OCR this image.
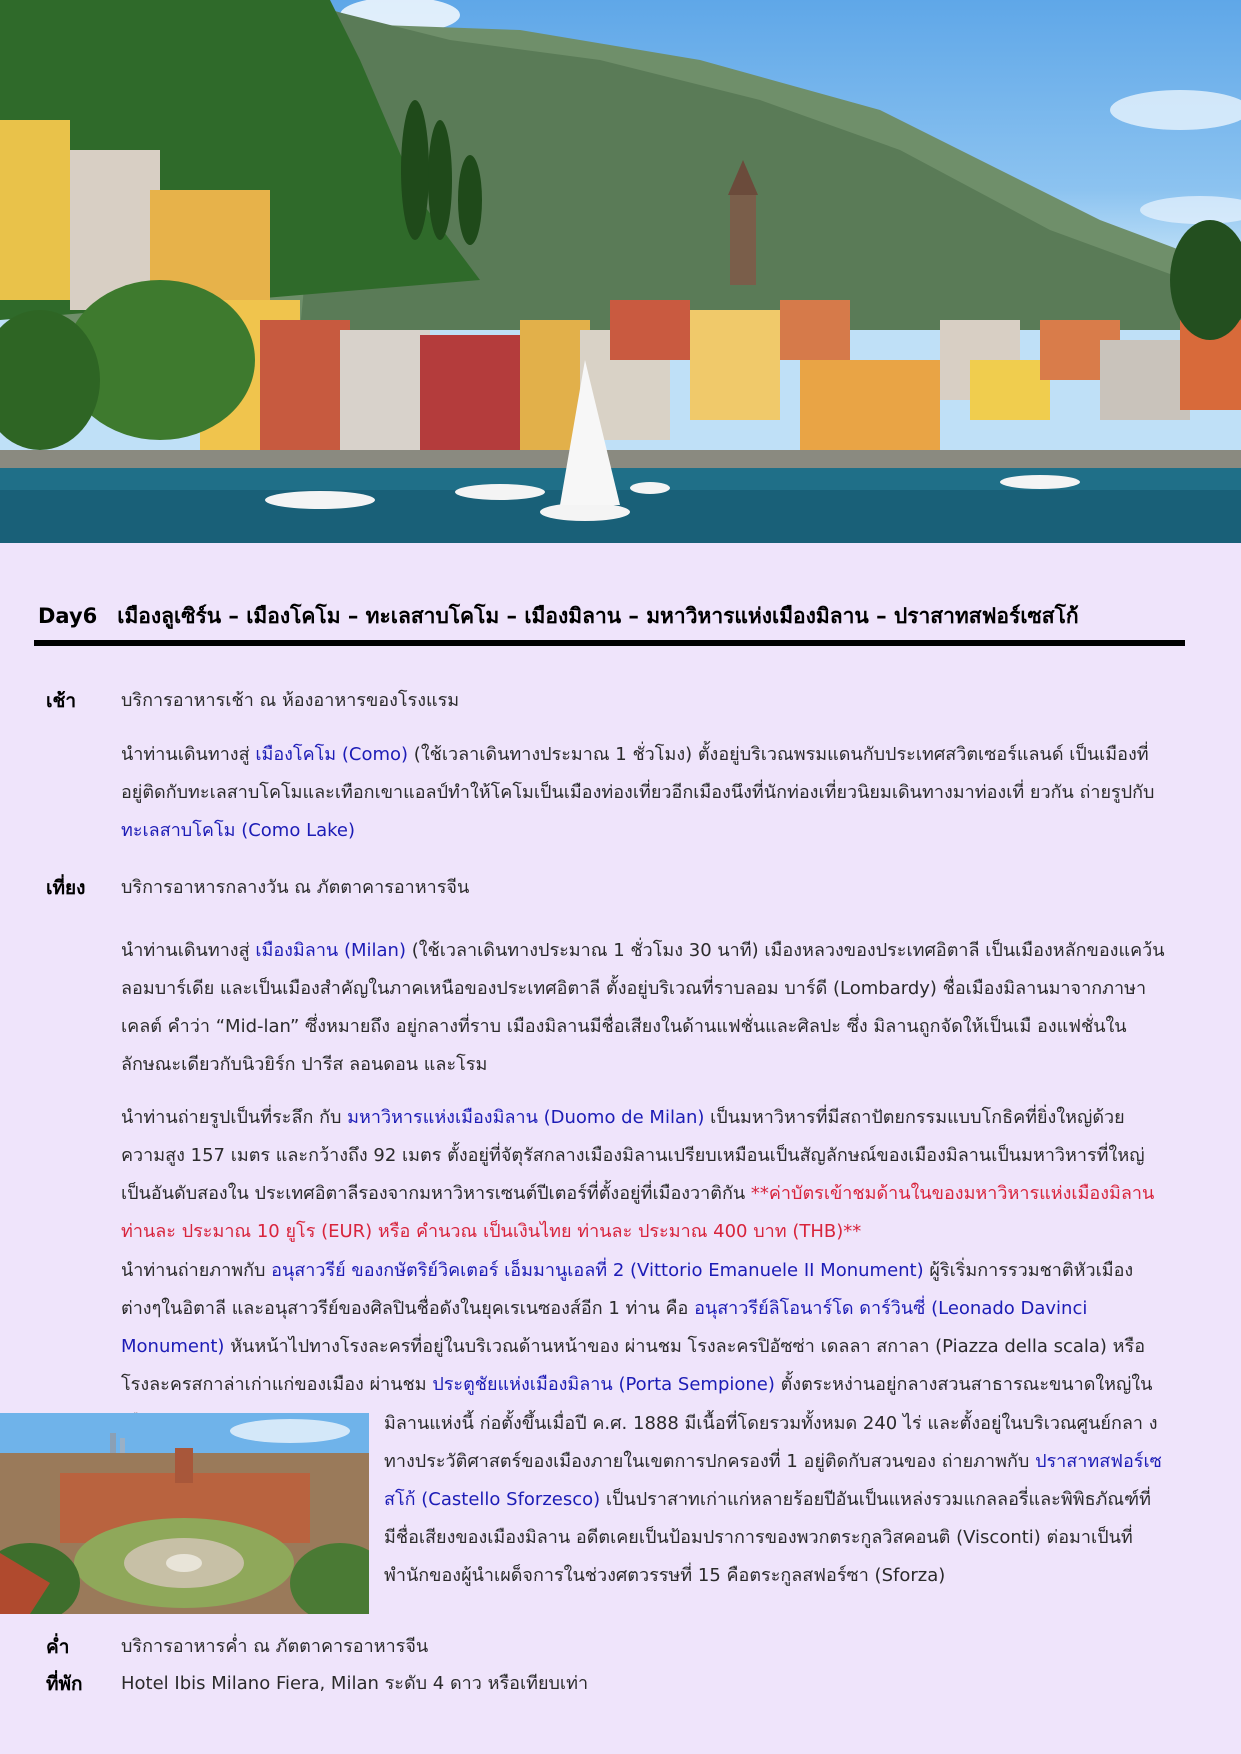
Day6 เมืองลูเซิร์น – เมืองโคโม – ทะเลสาบโคโม – เมืองมิลาน – มหาวิหารแห่งเมืองมิลาน – ปราสาทสฟอร์เซสโก้
เช้า บริการอาหารเช้า ณ ห้องอาหารของโรงแรม
นำท่านเดินทางสู่ เมืองโคโม (Como) (ใช้เวลาเดินทางประมาณ 1 ชั่วโมง) ตั้งอยู่บริเวณพรมแดนกับประเทศสวิตเซอร์แลนด์ เป็นเมืองที่อยู่ติดกับทะเลสาบโคโมและเทือกเขาแอลป์ทำให้โคโมเป็นเมืองท่องเที่ยวอีกเมืองนึงที่นักท่องเที่ยวนิยมเดินทางมาท่องเที่ ยวกัน ถ่ายรูปกับ ทะเลสาบโคโม (Como Lake)
เที่ยง บริการอาหารกลางวัน ณ ภัตตาคารอาหารจีน
นำท่านเดินทางสู่ เมืองมิลาน (Milan) (ใช้เวลาเดินทางประมาณ 1 ชั่วโมง 30 นาที) เมืองหลวงของประเทศอิตาลี เป็นเมืองหลักของแคว้นลอมบาร์เดีย และเป็นเมืองสำคัญในภาคเหนือของประเทศอิตาลี ตั้งอยู่บริเวณที่ราบลอม บาร์ดี (Lombardy) ชื่อเมืองมิลานมาจากภาษาเคลต์ คำว่า “Mid-lan” ซึ่งหมายถึง อยู่กลางที่ราบ เมืองมิลานมีชื่อเสียงในด้านแฟชั่นและศิลปะ ซึ่ง มิลานถูกจัดให้เป็นเมื องแฟชั่นในลักษณะเดียวกับนิวยิร์ก ปารีส ลอนดอน และโรม
นำท่านถ่ายรูปเป็นที่ระลึก กับ มหาวิหารแห่งเมืองมิลาน (Duomo de Milan) เป็นมหาวิหารที่มีสถาปัตยกรรมแบบโกธิคที่ยิ่งใหญ่ด้วยความสูง 157 เมตร และกว้างถึง 92 เมตร ตั้งอยู่ที่จัตุรัสกลางเมืองมิลานเปรียบเหมือนเป็นสัญลักษณ์ของเมืองมิลานเป็นมหาวิหารที่ใหญ่เป็นอันดับสองใน ประเทศอิตาลีรองจากมหาวิหารเซนต์ปีเตอร์ที่ตั้งอยู่ที่เมืองวาติกัน **ค่าบัตรเข้าชมด้านในของมหาวิหารแห่งเมืองมิลาน ท่านละ ประมาณ 10 ยูโร (EUR) หรือ คำนวณ เป็นเงินไทย ท่านละ ประมาณ 400 บาท (THB)**
นำท่านถ่ายภาพกับ อนุสาวรีย์ ของกษัตริย์วิคเตอร์ เอ็มมานูเอลที่ 2 (Vittorio Emanuele II Monument) ผู้ริเริ่มการรวมชาติหัวเมืองต่างๆในอิตาลี และอนุสาวรีย์ของศิลปินชื่อดังในยุคเรเนซองส์อีก 1 ท่าน คือ อนุสาวรีย์ลิโอนาร์โด ดาร์วินซี่ (Leonado Davinci Monument) หันหน้าไปทางโรงละครที่อยู่ในบริเวณด้านหน้าของ ผ่านชม โรงละครปิอัซซ่า เดลลา สกาลา (Piazza della scala) หรือ โรงละครสกาล่าเก่าแก่ของเมือง ผ่านชม ประตูชัยแห่งเมืองมิลาน (Porta Sempione) ตั้งตระหง่านอยู่กลางสวนสาธารณะขนาดใหญ่ใน
มิลานแห่งนี้ ก่อตั้งขึ้นเมื่อปี ค.ศ. 1888 มีเนื้อที่โดยรวมทั้งหมด 240 ไร่ และตั้งอยู่ในบริเวณศูนย์กลา งทางประวัติศาสตร์ของเมืองภายในเขตการปกครองที่ 1 อยู่ติดกับสวนของ ถ่ายภาพกับ ปราสาทสฟอร์เซสโก้ (Castello Sforzesco) เป็นปราสาทเก่าแก่หลายร้อยปีอันเป็นแหล่งรวมแกลลอรี่และพิพิธภัณฑ์ที่มีชื่อเสียงของเมืองมิลาน อดีตเคยเป็นป้อมปราการของพวกตระกูลวิสคอนติ (Visconti) ต่อมาเป็นที่พำนักของผู้นำเผด็จการในช่วงศตวรรษที่ 15 คือตระกูลสฟอร์ซา (Sforza)
ค่ำ	บริการอาหารค่ำ ณ ภัตตาคารอาหารจีน
ที่พัก Hotel Ibis Milano Fiera, Milan ระดับ 4 ดาว หรือเทียบเท่า
